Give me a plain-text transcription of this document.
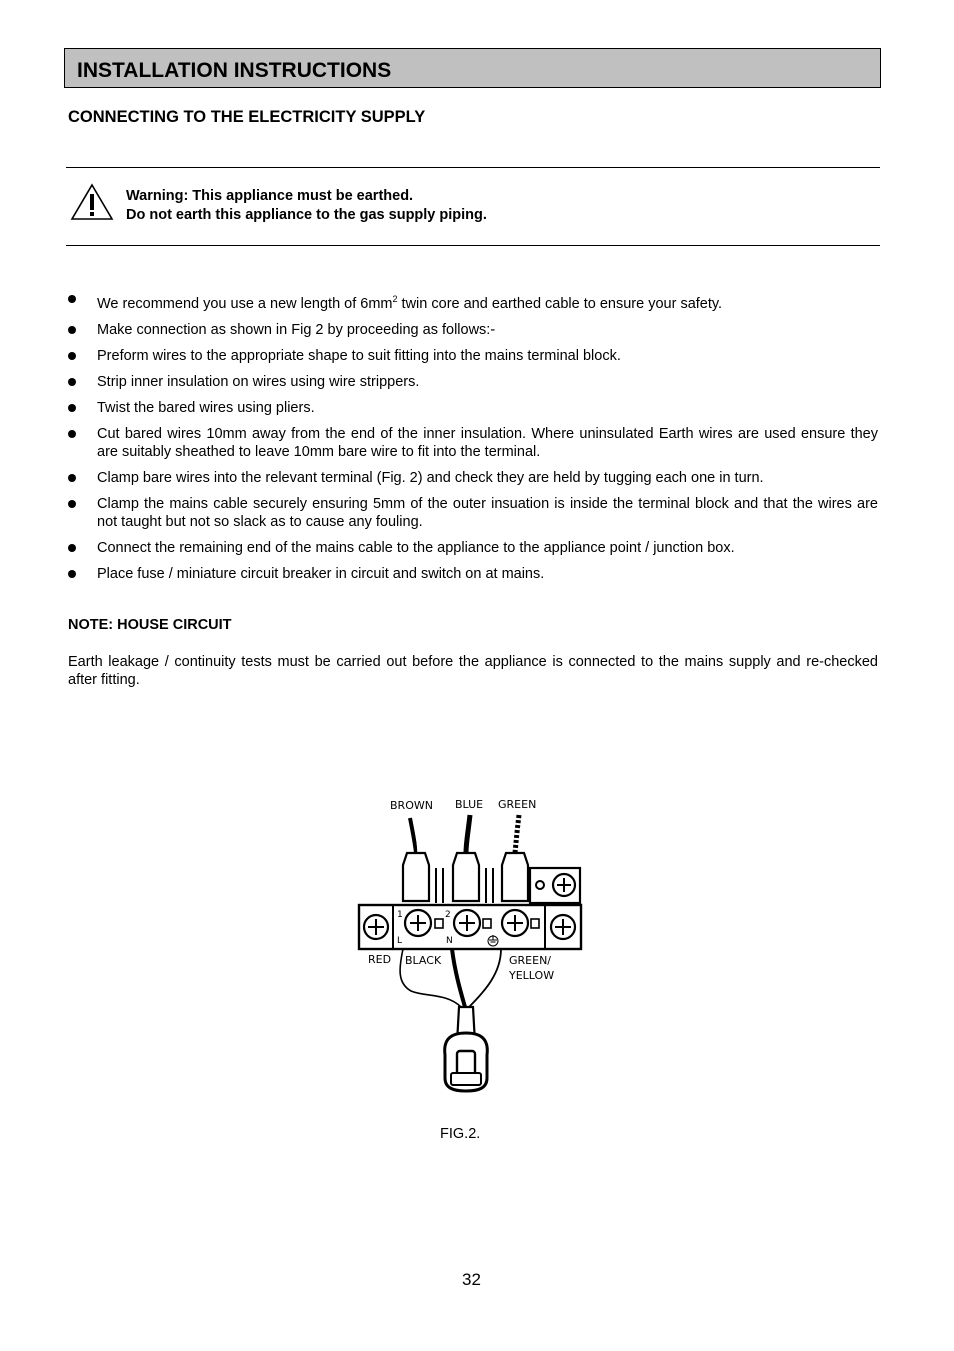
INSTALLATION INSTRUCTIONS
CONNECTING TO THE ELECTRICITY SUPPLY
Warning: This appliance must be earthed.
Do not earth this appliance to the gas supply piping.
We recommend you use a new length of $6mm^2$ twin core and earthed cable to ensure your safety.
Make connection as shown in Fig 2 by proceeding as follows:-
Preform wires to the appropriate shape to suit fitting into the mains terminal block.
Strip inner insulation on wires using wire strippers.
Twist the bared wires using pliers.
Cut bared wires 10mm away from the end of the inner insulation. Where uninsulated Earth wires are used ensure they are suitably sheathed to leave 10mm bare wire to fit into the terminal.
Clamp bare wires into the relevant terminal (Fig. 2) and check they are held by tugging each one in turn.
Clamp the mains cable securely ensuring 5mm of the outer insuation is inside the terminal block and that the wires are not taught but not so slack as to cause any fouling.
Connect the remaining end of the mains cable to the appliance to the appliance point / junction box.
Place fuse / miniature circuit breaker in circuit and switch on at mains.
NOTE: HOUSE CIRCUIT
Earth leakage / continuity tests must be carried out before the appliance is connected to the mains supply and re-checked after fitting.
BROWN BLUE GREEN
1	2
L	N
RED BLACK	GREEN/
YELLOW
FIG.2.
32
